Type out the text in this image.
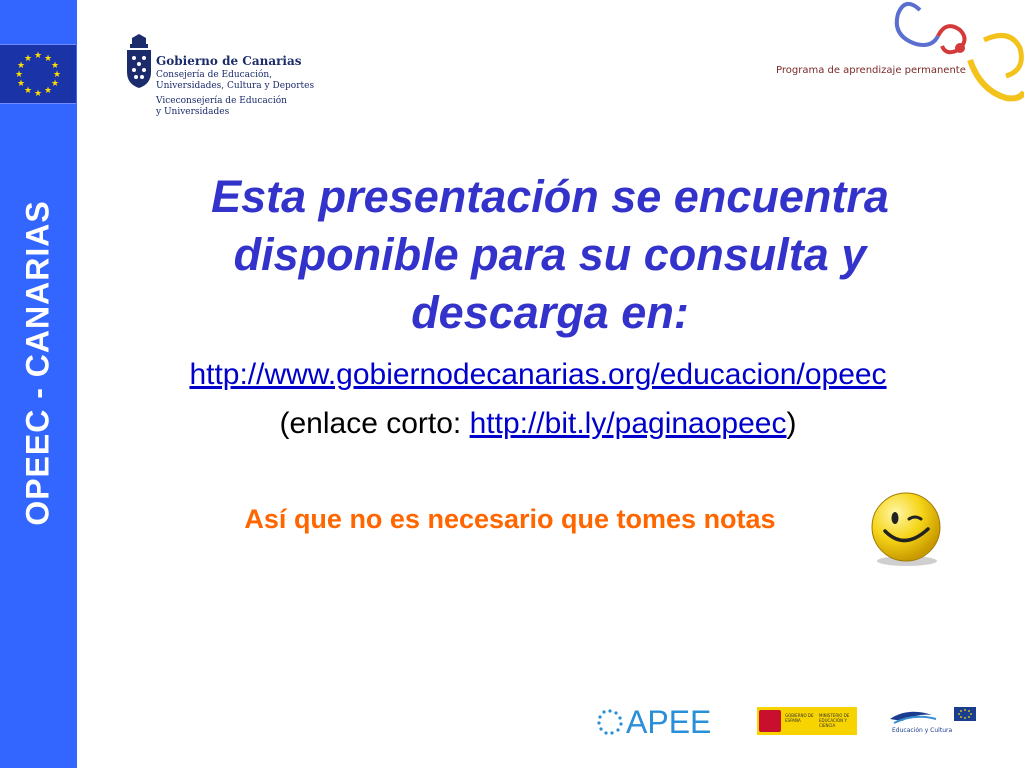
★ ★
★
★
★
★
★
★
★
★
★
★
OPEEC - CANARIAS
Gobierno de Canarias
Consejería de Educación,
Universidades, Cultura y Deportes
Viceconsejería de Educación
y Universidades
Programa de aprendizaje permanente
Esta presentación se encuentra disponible para su consulta y descarga en:
http://www.gobiernodecanarias.org/educacion/opeec
(enlace corto: http://bit.ly/paginaopeec)
Así que no es necesario que tomes notas
APEE	GOBIERNO DE ESPAÑA
MINISTERIO DE EDUCACIÓN Y CIENCIA
Educación y Cultura
